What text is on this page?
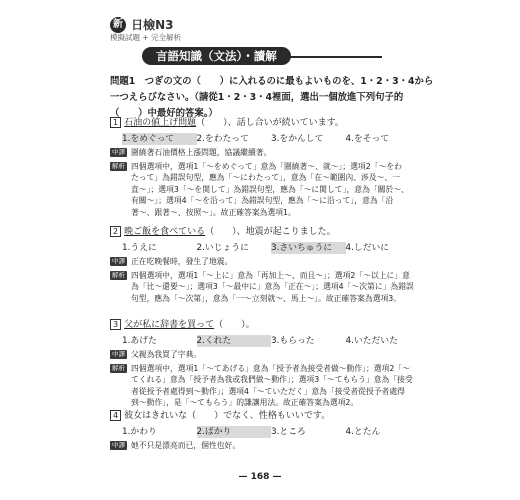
新 日檢N3
模擬試題 + 完全解析
言語知識（文法）・讀解
問題1　つぎの文の（　　）に入れるのに最もよいものを、1・2・3・4から
一つえらびなさい。（請從1・2・3・4裡面，選出一個放進下列句子的
（　　）中最好的答案。）
1 石油の値上げ問題（　　）、話し合いが続いています。
1.をめぐって	2.をわたって	3.をかんして	4.をそって
中譯 圍繞著石油價格上漲問題，協議繼續著。
解析 四個選項中，選項1「～をめぐって」意為「圍繞著～、就～」；選項2「～をわ
たって」為錯誤句型，應為「～にわたって」，意為「在～範圍內、涉及～、一
直～」；選項3「～を関して」為錯誤句型，應為「～に関して」，意為「關於～、
有關～」；選項4「～を沿って」為錯誤句型，應為「～に沿って」，意為「沿
著～、跟著～、按照～」。故正確答案為選項1。
2 晩ご飯を食べている（　　）、地震が起こりました。
1.うえに	2.いじょうに	3.さいちゅうに	4.しだいに
中譯 正在吃晚餐時，發生了地震。
解析 四個選項中，選項1「～上に」意為「再加上～、而且～」；選項2「～以上に」意
為「比～還要～」；選項3「～最中に」意為「正在～」；選項4「～次第に」為錯誤
句型，應為「～次第」，意為「一～立刻就～、馬上～」。故正確答案為選項3。
3 父が私に辞書を買って（　　）。
1.あげた	2.くれた	3.もらった	4.いただいた
中譯 父親為我買了字典。
解析 四個選項中，選項1「～てあげる」意為「授予者為接受者做～動作」；選項2「～
てくれる」意為「授予者為我或我們做～動作」；選項3「～てもらう」意為「接受
者從授予者處得到～動作」；選項4「～ていただく」意為「接受者從授予者處得
到～動作」，是「～てもらう」的謙讓用法。故正確答案為選項2。
4 彼女はきれいな（　　）でなく、性格もいいです。
1.かわり	2.ばかり	3.ところ	4.とたん
中譯 她不只是漂亮而已，個性也好。
— 168 —
